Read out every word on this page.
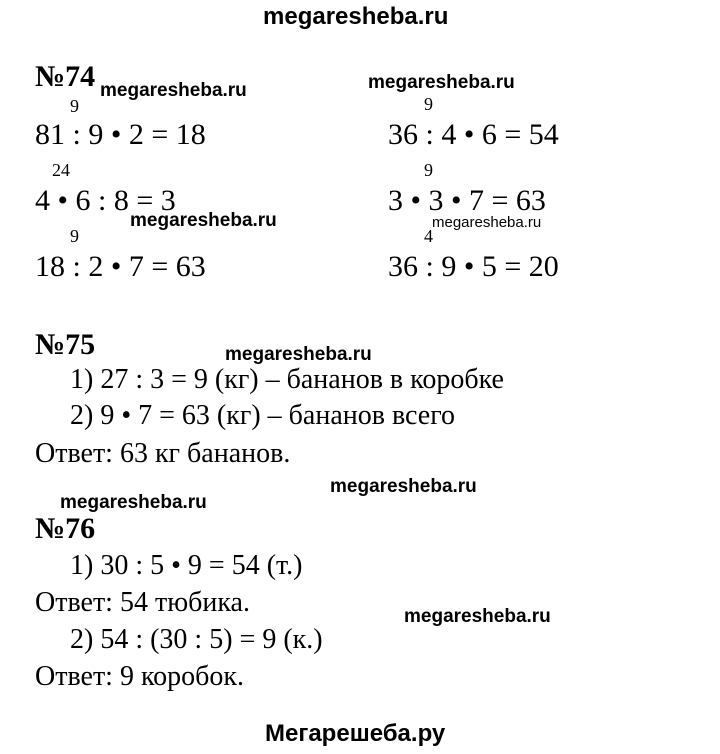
megaresheba.ru
№74 megaresheba.ru	megaresheba.ru
9
81 : 9 • 2 = 18
24
4 • 6 : 8 = 3
megaresheba.ru
9
18 : 2 • 7 = 63
9
36 : 4 • 6 = 54
9
3 • 3 • 7 = 63
megaresheba.ru
4
36 : 9 • 5 = 20
№75	megaresheba.ru
1) 27 : 3 = 9 (кг) – бананов в коробке
2) 9 • 7 = 63 (кг) – бананов всего
Ответ: 63 кг бананов.
megaresheba.ru
megaresheba.ru
№76
1) 30 : 5 • 9 = 54 (т.)
Ответ: 54 тюбика.	megaresheba.ru
2) 54 : (30 : 5) = 9 (к.)
Ответ: 9 коробок.
Мегарешеба.ру
